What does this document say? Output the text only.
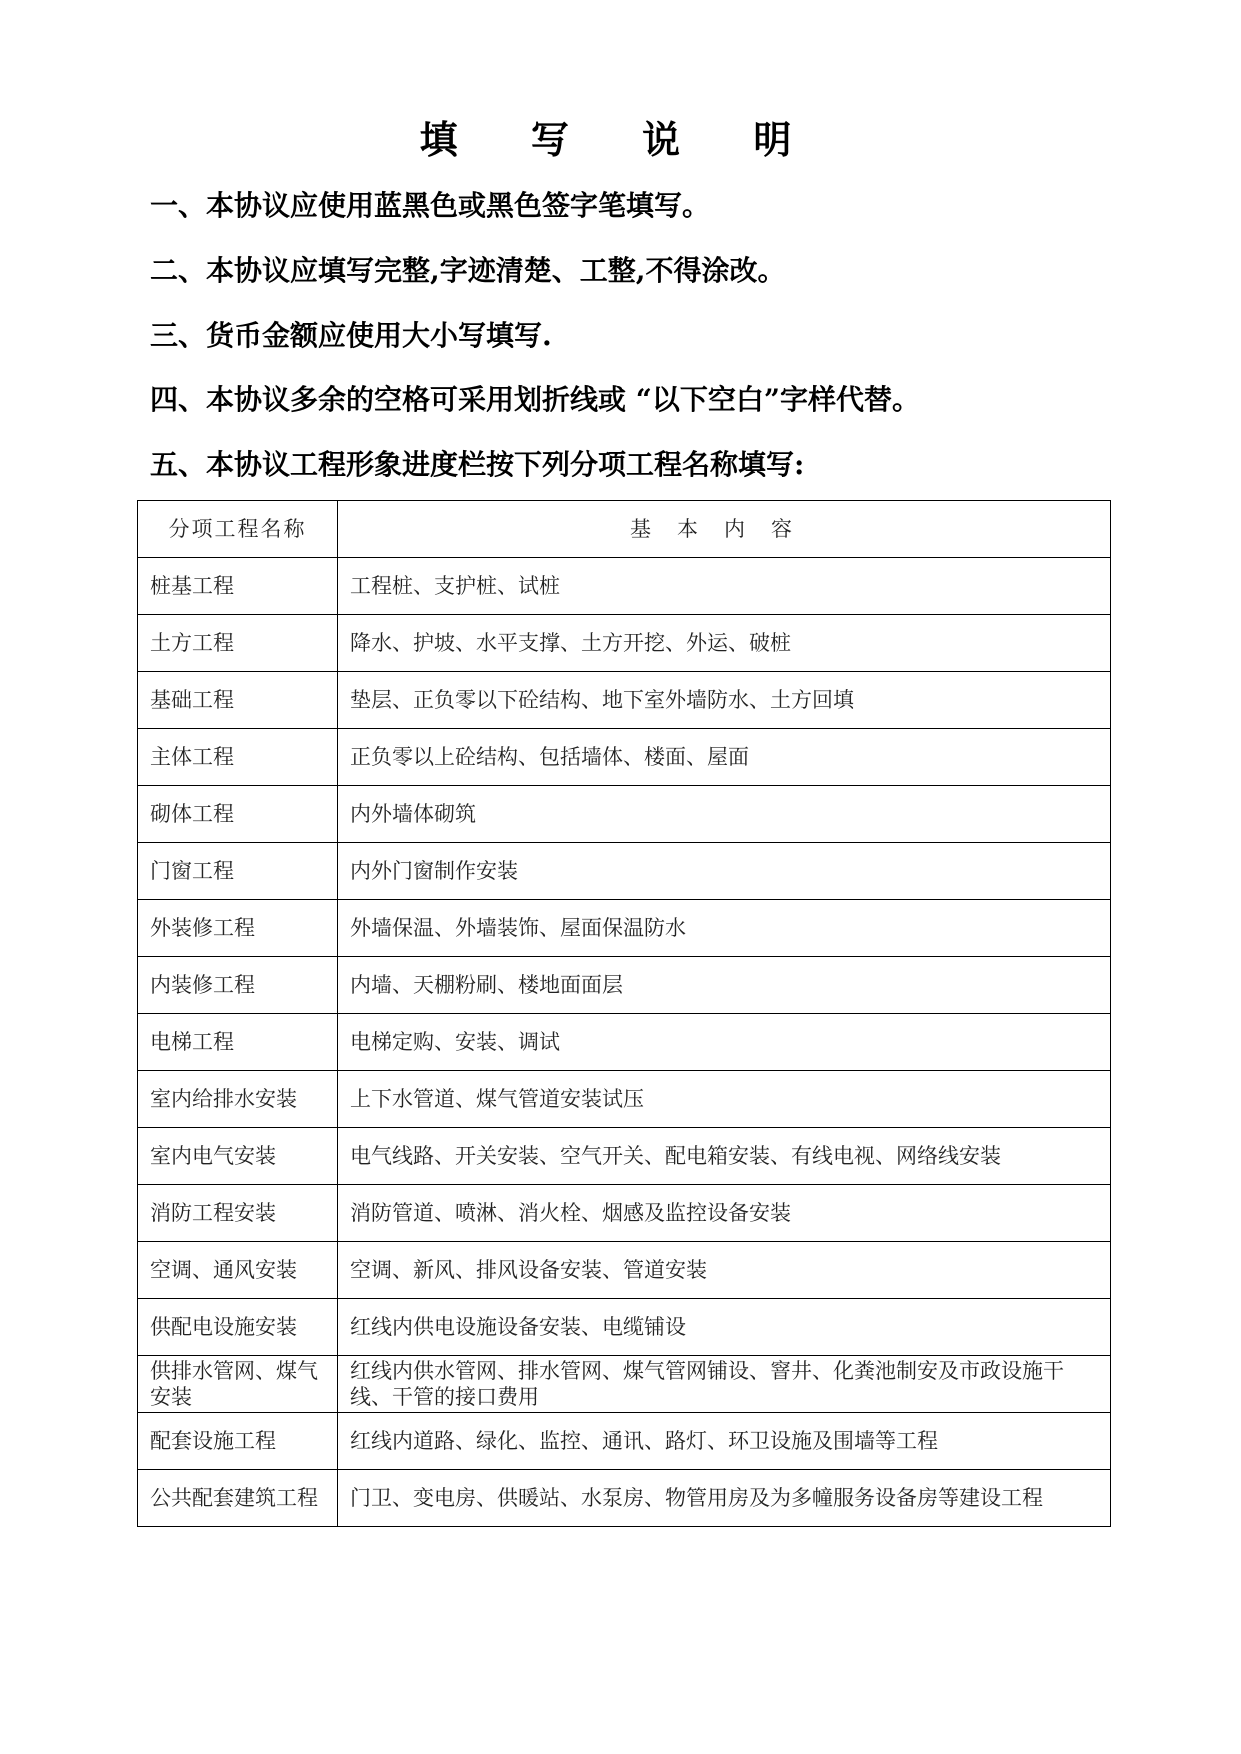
填 写 说 明
一、本协议应使用蓝黑色或黑色签字笔填写。
二、本协议应填写完整,字迹清楚、工整,不得涂改。
三、货币金额应使用大小写填写.
四、本协议多余的空格可采用划折线或 “以下空白”字样代替。
五、本协议工程形象进度栏按下列分项工程名称填写:
分项工程名称	基本内容
桩基工程	工程桩、支护桩、试桩
土方工程	降水、护坡、水平支撑、土方开挖、外运、破桩
基础工程	垫层、正负零以下砼结构、地下室外墙防水、土方回填
主体工程	正负零以上砼结构、包括墙体、楼面、屋面
砌体工程	内外墙体砌筑
门窗工程	内外门窗制作安装
外装修工程	外墙保温、外墙装饰、屋面保温防水
内装修工程	内墙、天棚粉刷、楼地面面层
电梯工程	电梯定购、安装、调试
室内给排水安装	上下水管道、煤气管道安装试压
室内电气安装	电气线路、开关安装、空气开关、配电箱安装、有线电视、网络线安装
消防工程安装	消防管道、喷淋、消火栓、烟感及监控设备安装
空调、通风安装	空调、新风、排风设备安装、管道安装
供配电设施安装	红线内供电设施设备安装、电缆铺设
供排水管网、煤气安装	红线内供水管网、排水管网、煤气管网铺设、窨井、化粪池制安及市政设施干线、干管的接口费用
配套设施工程	红线内道路、绿化、监控、通讯、路灯、环卫设施及围墙等工程
公共配套建筑工程	门卫、变电房、供暖站、水泵房、物管用房及为多幢服务设备房等建设工程
